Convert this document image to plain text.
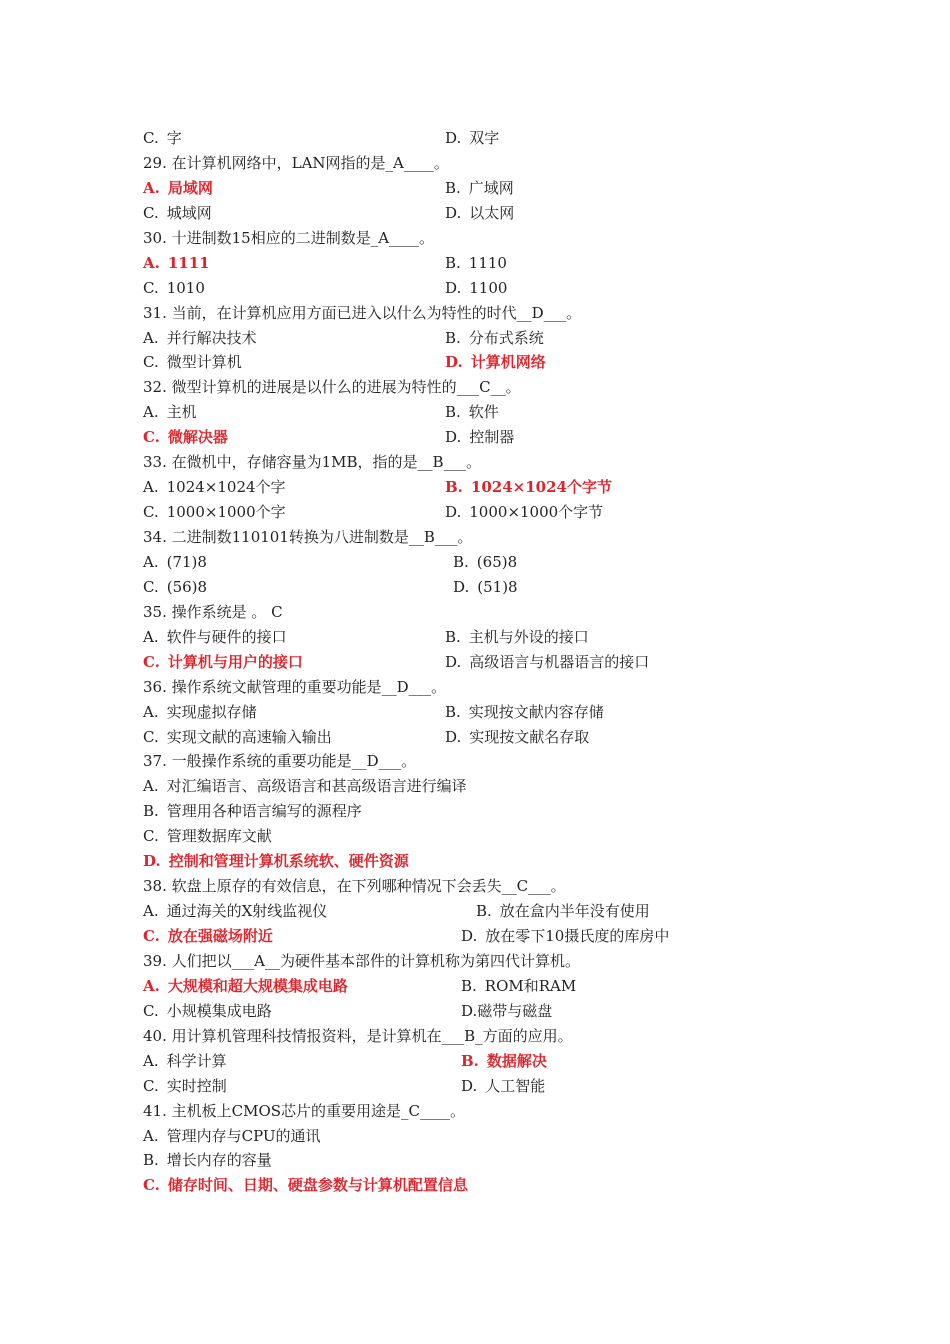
C. 字	D. 双字
29. 在计算机网络中，LAN网指的是_A____。
A. 局域网	B. 广域网
C. 城域网	D. 以太网
30. 十进制数15相应的二进制数是_A____。
A. 1111	B. 1110
C. 1010	D. 1100
31. 当前，在计算机应用方面已进入以什么为特性的时代__D___。
A. 并行解决技术	B. 分布式系统
C. 微型计算机	D. 计算机网络
32. 微型计算机的进展是以什么的进展为特性的___C__。
A. 主机	B. 软件
C. 微解决器	D. 控制器
33. 在微机中，存储容量为1MB，指的是__B___。
A. 1024×1024个字	B. 1024×1024个字节
C. 1000×1000个字	D. 1000×1000个字节
34. 二进制数110101转换为八进制数是__B___。
A. (71)8	B. (65)8
C. (56)8	D. (51)8
35. 操作系统是 。 C
A. 软件与硬件的接口	B. 主机与外设的接口
C. 计算机与用户的接口	D. 高级语言与机器语言的接口
36. 操作系统文献管理的重要功能是__D___。
A. 实现虚拟存储	B. 实现按文献内容存储
C. 实现文献的高速输入输出	D. 实现按文献名存取
37. 一般操作系统的重要功能是__D___。
A. 对汇编语言、高级语言和甚高级语言进行编译
B. 管理用各种语言编写的源程序
C. 管理数据库文献
D. 控制和管理计算机系统软、硬件资源
38. 软盘上原存的有效信息，在下列哪种情况下会丢失__C___。
A. 通过海关的X射线监视仪	B. 放在盒内半年没有使用
C. 放在强磁场附近	D. 放在零下10摄氏度的库房中
39. 人们把以___A__为硬件基本部件的计算机称为第四代计算机。
A. 大规模和超大规模集成电路	B. ROM和RAM
C. 小规模集成电路	D.磁带与磁盘
40. 用计算机管理科技情报资料，是计算机在___B_方面的应用。
A. 科学计算	B. 数据解决
C. 实时控制	D. 人工智能
41. 主机板上CMOS芯片的重要用途是_C____。
A. 管理内存与CPU的通讯
B. 增长内存的容量
C. 储存时间、日期、硬盘参数与计算机配置信息
